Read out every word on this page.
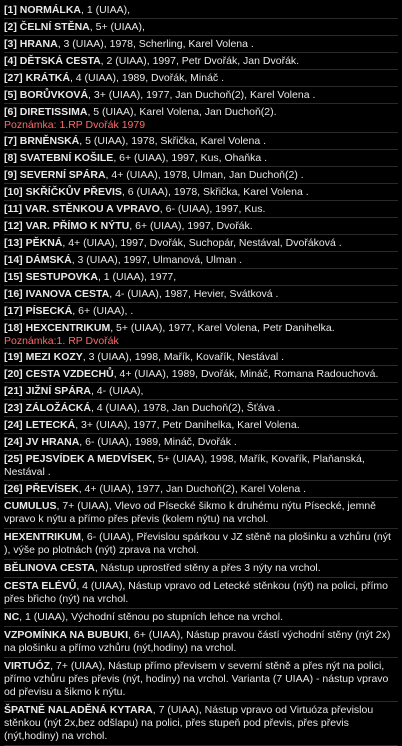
[1] NORMÁLKA, 1 (UIAA),
[2] ČELNÍ STĚNA, 5+ (UIAA),
[3] HRANA, 3 (UIAA), 1978, Scherling, Karel Volena .
[4] DĚTSKÁ CESTA, 2 (UIAA), 1997, Petr Dvořák, Jan Dvořák.
[27] KRÁTKÁ, 4 (UIAA), 1989, Dvořák, Mináč .
[5] BORŮVKOVÁ, 3+ (UIAA), 1977, Jan Duchoň(2), Karel Volena .
[6] DIRETISSIMA, 5 (UIAA), Karel Volena, Jan Duchoň(2).
Poznámka: 1.RP Dvořák 1979
[7] BRNĚNSKÁ, 5 (UIAA), 1978, Skřička, Karel Volena .
[8] SVATEBNÍ KOŠILE, 6+ (UIAA), 1997, Kus, Ohaňka .
[9] SEVERNÍ SPÁRA, 4+ (UIAA), 1978, Ulman, Jan Duchoň(2) .
[10] SKŘÍČKŮV PŘEVIS, 6 (UIAA), 1978, Skřička, Karel Volena .
[11] VAR. STĚNKOU A VPRAVO, 6- (UIAA), 1997, Kus.
[12] VAR. PŘÍMO K NÝTU, 6+ (UIAA), 1997, Dvořák.
[13] PĚKNÁ, 4+ (UIAA), 1997, Dvořák, Suchopár, Nestával, Dvořáková .
[14] DÁMSKÁ, 3 (UIAA), 1997, Ulmanová, Ulman .
[15] SESTUPOVKA, 1 (UIAA), 1977,
[16] IVANOVA CESTA, 4- (UIAA), 1987, Hevier, Svátková .
[17] PÍSECKÁ, 6+ (UIAA), .
[18] HEXCENTRIKUM, 5+ (UIAA), 1977, Karel Volena, Petr Danihelka.
Poznámka:1. RP Dvořák
[19] MEZI KOZY, 3 (UIAA), 1998, Mařík, Kovařík, Nestával .
[20] CESTA VZDECHŮ, 4+ (UIAA), 1989, Dvořák, Mináč, Romana Radouchová.
[21] JIŽNÍ SPÁRA, 4- (UIAA),
[23] ZÁLOŽÁCKÁ, 4 (UIAA), 1978, Jan Duchoň(2), Šťáva .
[24] LETECKÁ, 3+ (UIAA), 1977, Petr Danihelka, Karel Volena.
[24] JV HRANA, 6- (UIAA), 1989, Mináč, Dvořák .
[25] PEJSVÍDEK A MEDVÍSEK, 5+ (UIAA), 1998, Mařík, Kovařík, Plaňanská, Nestával .
[26] PŘEVÍSEK, 4+ (UIAA), 1977, Jan Duchoň(2), Karel Volena .
CUMULUS, 7+ (UIAA), Vlevo od Písecké šikmo k druhému nýtu Písecké, jemně vpravo k nýtu a přímo přes převis (kolem nýtu) na vrchol.
HEXENTRIKUM, 6- (UIAA), Převislou spárkou v JZ stěně na plošinku a vzhůru (nýt ), výše po plotnách (nýt) zprava na vrchol.
BĚLINOVA CESTA, Nástup uprostřed stěny a přes 3 nýty na vrchol.
CESTA ELÉVŮ, 4 (UIAA), Nástup vpravo od Letecké stěnkou (nýt) na polici, přímo přes břicho (nýt) na vrchol.
NC, 1 (UIAA), Východní stěnou po stupních lehce na vrchol.
VZPOMÍNKA NA BUBUKI, 6+ (UIAA), Nástup pravou částí východní stěny (nýt 2x) na plošinku a přímo vzhůru (nýt,hodiny) na vrchol.
VIRTUÓZ, 7+ (UIAA), Nástup přímo převisem v severní stěně a přes nýt na polici, přímo vzhůru přes převis (nýt, hodiny) na vrchol. Varianta (7 UIAA) - nástup vpravo od převisu a šikmo k nýtu.
ŠPATNĚ NALADĚNÁ KYTARA, 7 (UIAA), Nástup vpravo od Virtuóza převislou stěnkou (nýt 2x,bez odšlapu) na polici, přes stupeň pod převis, přes převis (nýt,hodiny) na vrchol.
